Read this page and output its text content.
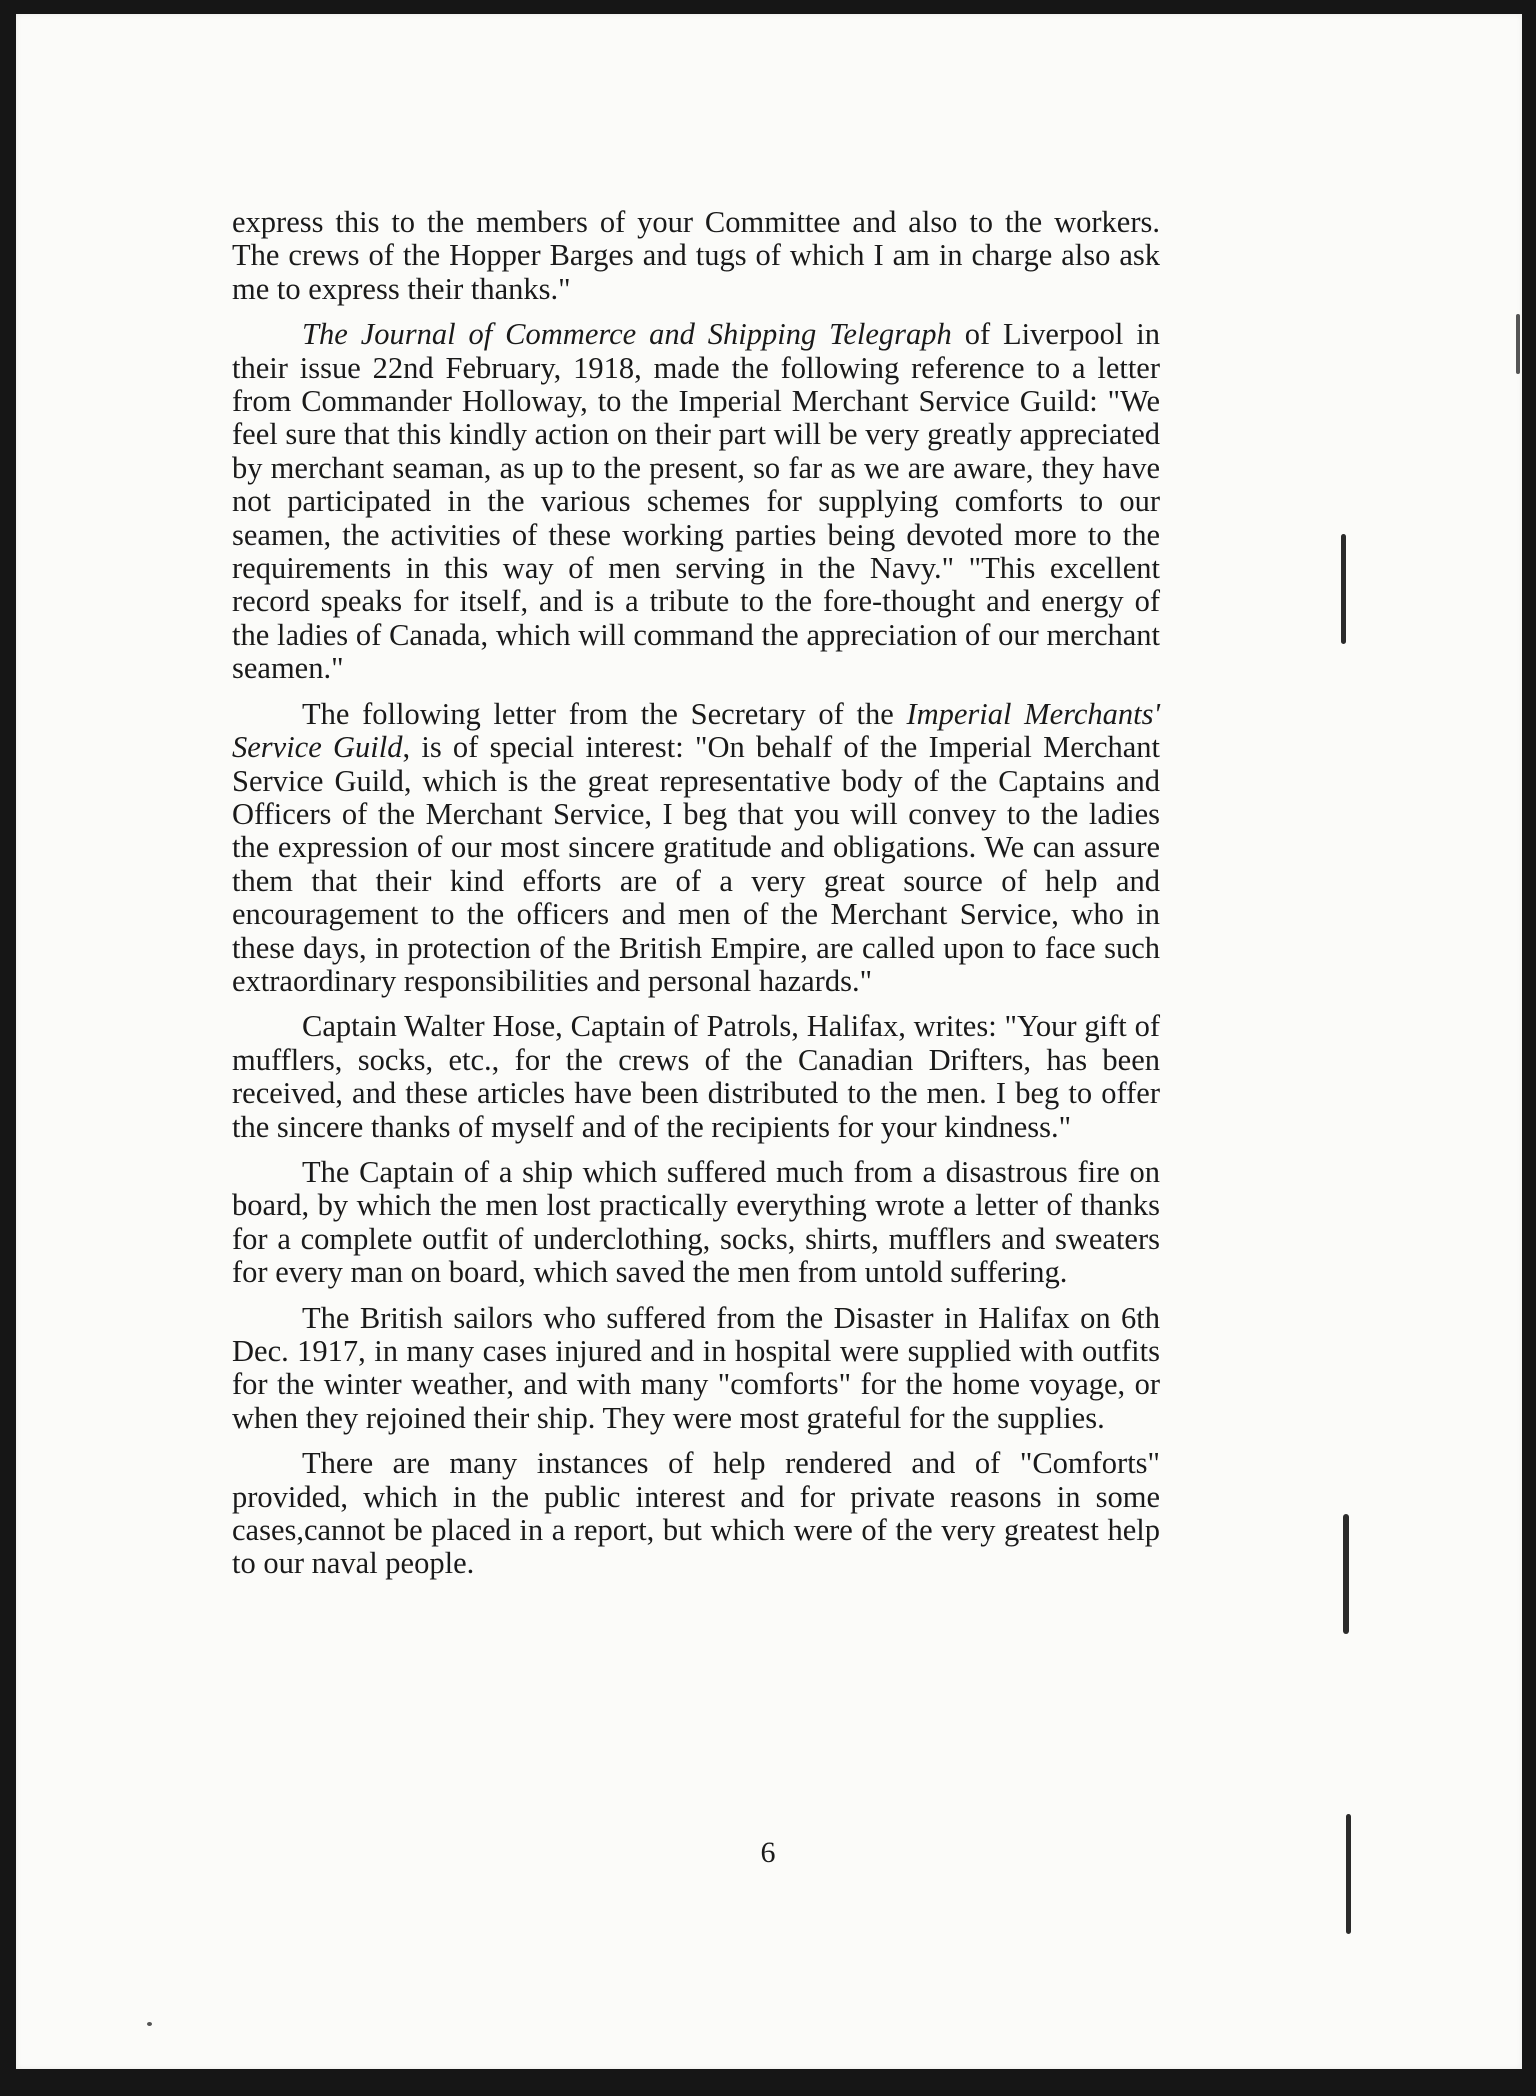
express this to the members of your Committee and also to the workers. The crews of the Hopper Barges and tugs of which I am in charge also ask me to express their thanks."

The Journal of Commerce and Shipping Telegraph of Liverpool in their issue 22nd February, 1918, made the following reference to a letter from Commander Holloway, to the Imperial Merchant Service Guild: "We feel sure that this kindly action on their part will be very greatly appreciated by merchant seaman, as up to the present, so far as we are aware, they have not participated in the various schemes for supplying comforts to our seamen, the activities of these working parties being devoted more to the requirements in this way of men serving in the Navy." "This excellent record speaks for itself, and is a tribute to the fore-thought and energy of the ladies of Canada, which will command the appreciation of our merchant seamen."

The following letter from the Secretary of the Imperial Merchants' Service Guild, is of special interest: "On behalf of the Imperial Merchant Service Guild, which is the great representative body of the Captains and Officers of the Merchant Service, I beg that you will convey to the ladies the expression of our most sincere gratitude and obligations. We can assure them that their kind efforts are of a very great source of help and encouragement to the officers and men of the Merchant Service, who in these days, in protection of the British Empire, are called upon to face such extraordinary responsibilities and personal hazards."

Captain Walter Hose, Captain of Patrols, Halifax, writes: "Your gift of mufflers, socks, etc., for the crews of the Canadian Drifters, has been received, and these articles have been distributed to the men. I beg to offer the sincere thanks of myself and of the recipients for your kindness."

The Captain of a ship which suffered much from a disastrous fire on board, by which the men lost practically everything wrote a letter of thanks for a complete outfit of underclothing, socks, shirts, mufflers and sweaters for every man on board, which saved the men from untold suffering.

The British sailors who suffered from the Disaster in Halifax on 6th Dec. 1917, in many cases injured and in hospital were supplied with outfits for the winter weather, and with many "comforts" for the home voyage, or when they rejoined their ship. They were most grateful for the supplies.

There are many instances of help rendered and of "Comforts" provided, which in the public interest and for private reasons in some cases,cannot be placed in a report, but which were of the very greatest help to our naval people.

6
